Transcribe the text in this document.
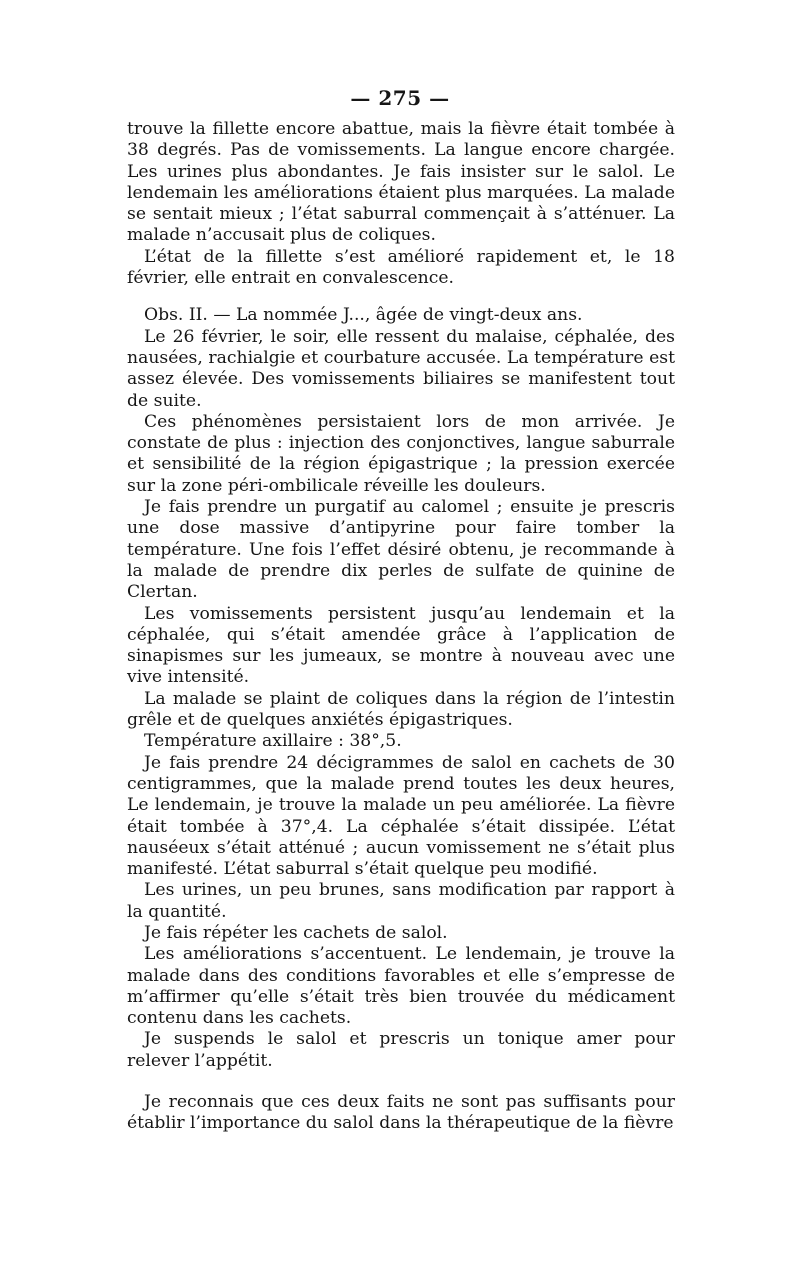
— 275 —

trouve la fillette encore abattue, mais la fièvre était tombée à 38 degrés. Pas de vomissements. La langue encore chargée. Les urines plus abondantes. Je fais insister sur le salol. Le lendemain les améliorations étaient plus marquées. La malade se sentait mieux ; l’état saburral commençait à s’atténuer. La malade n’accusait plus de coliques.

L’état de la fillette s’est amélioré rapidement et, le 18 février, elle entrait en convalescence.

Obs. II. — La nommée J..., âgée de vingt-deux ans.

Le 26 février, le soir, elle ressent du malaise, céphalée, des nausées, rachialgie et courbature accusée. La température est assez élevée. Des vomissements biliaires se manifestent tout de suite.

Ces phénomènes persistaient lors de mon arrivée. Je constate de plus : injection des conjonctives, langue saburrale et sensibilité de la région épigastrique ; la pression exercée sur la zone péri-ombilicale réveille les douleurs.

Je fais prendre un purgatif au calomel ; ensuite je prescris une dose massive d’antipyrine pour faire tomber la température. Une fois l’effet désiré obtenu, je recommande à la malade de prendre dix perles de sulfate de quinine de Clertan.

Les vomissements persistent jusqu’au lendemain et la céphalée, qui s’était amendée grâce à l’application de sinapismes sur les jumeaux, se montre à nouveau avec une vive intensité.

La malade se plaint de coliques dans la région de l’intestin grêle et de quelques anxiétés épigastriques.

Température axillaire : 38°,5.

Je fais prendre 24 décigrammes de salol en cachets de 30 centigrammes, que la malade prend toutes les deux heures, Le lendemain, je trouve la malade un peu améliorée. La fièvre était tombée à 37°,4. La céphalée s’était dissipée. L’état nauséeux s’était atténué ; aucun vomissement ne s’était plus manifesté. L’état saburral s’était quelque peu modifié.

Les urines, un peu brunes, sans modification par rapport à la quantité.

Je fais répéter les cachets de salol.

Les améliorations s’accentuent. Le lendemain, je trouve la malade dans des conditions favorables et elle s’empresse de m’affirmer qu’elle s’était très bien trouvée du médicament contenu dans les cachets.

Je suspends le salol et prescris un tonique amer pour relever l’appétit.

Je reconnais que ces deux faits ne sont pas suffisants pour établir l’importance du salol dans la thérapeutique de la fièvre
